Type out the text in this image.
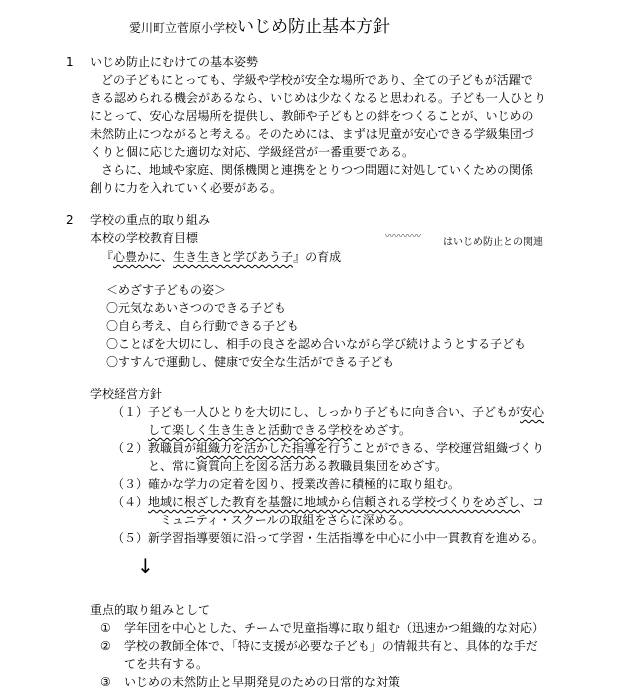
愛川町立菅原小学校いじめ防止基本方針
1 いじめ防止にむけての基本姿勢
どの子どもにとっても、学級や学校が安全な場所であり、全ての子どもが活躍で
きる認められる機会があるなら、いじめは少なくなると思われる。子ども一人ひとり
にとって、安心な居場所を提供し、教師や子どもとの絆をつくることが、いじめの
未然防止につながると考える。そのためには、まずは児童が安心できる学級集団づ
くりと個に応じた適切な対応、学級経営が一番重要である。
さらに、地域や家庭、関係機関と連携をとりつつ問題に対処していくための関係
創りに力を入れていく必要がある。
2 学校の重点的取り組み
本校の学校教育目標	〰〰〰〰 はいじめ防止との関連
『心豊かに、生き生きと学びあう子』の育成
＜めざす子どもの姿＞
〇元気なあいさつのできる子ども
〇自ら考え、自ら行動できる子ども
〇ことばを大切にし、相手の良さを認め合いながら学び続けようとする子ども
〇すすんで運動し、健康で安全な生活ができる子ども
学校経営方針
（１）子ども一人ひとりを大切にし、しっかり子どもに向き合い、子どもが安心
して楽しく生き生きと活動できる学校をめざす。
（２）教職員が組織力を活かした指導を行うことができる、学校運営組織づくり
と、常に資質向上を図る活力ある教職員集団をめざす。
（３）確かな学力の定着を図り、授業改善に積極的に取り組む。
（４）地域に根ざした教育を基盤に地域から信頼される学校づくりをめざし、コ
ミュニティ・スクールの取組をさらに深める。
（５）新学習指導要領に沿って学習・生活指導を中心に小中一貫教育を進める。
↓
重点的取り組みとして
① 学年団を中心とした、チームで児童指導に取り組む（迅速かつ組織的な対応）
② 学校の教師全体で、「特に支援が必要な子ども」の情報共有と、具体的な手だ
てを共有する。
③ いじめの未然防止と早期発見のための日常的な対策
